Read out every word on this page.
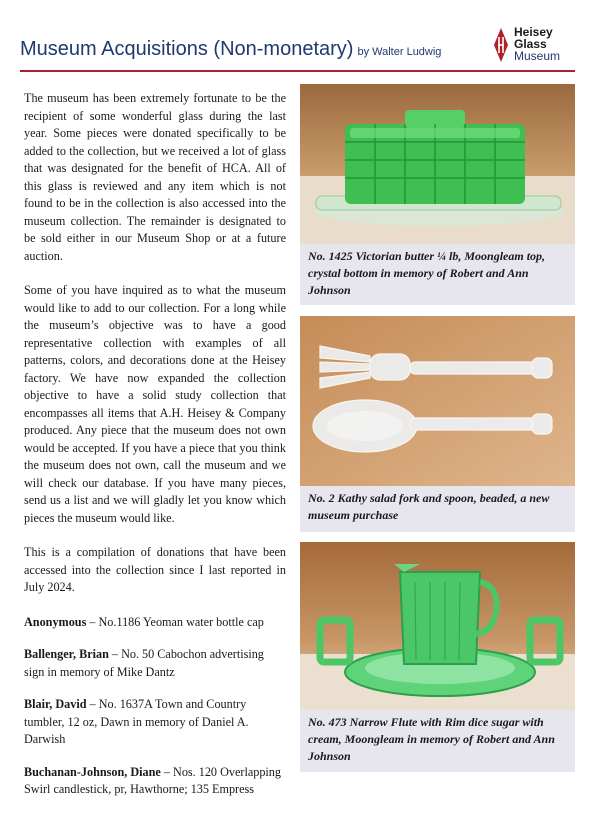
Museum Acquisitions (Non-monetary) by Walter Ludwig
Heisey
Glass
Museum

The museum has been extremely fortunate to be the recipient of some wonderful glass during the last year. Some pieces were donated specifically to be added to the collection, but we received a lot of glass that was designated for the benefit of HCA. All of this glass is reviewed and any item which is not found to be in the collection is also accessed into the museum collection. The remainder is designated to be sold either in our Museum Shop or at a future auction.

Some of you have inquired as to what the museum would like to add to our collection. For a long while the museum’s objective was to have a good representative collection with examples of all patterns, colors, and decorations done at the Heisey factory. We have now expanded the collection objective to have a solid study collection that encompasses all items that A.H. Heisey & Company produced. Any piece that the museum does not own would be accepted. If you have a piece that you think the museum does not own, call the museum and we will check our database. If you have many pieces, send us a list and we will gladly let you know which pieces the museum would like.

This is a compilation of donations that have been accessed into the collection since I last reported in July 2024.

Anonymous – No.1186 Yeoman water bottle cap

Ballenger, Brian – No. 50 Cabochon advertising sign in memory of Mike Dantz

Blair, David – No. 1637A Town and Country tumbler, 12 oz, Dawn in memory of Daniel A. Darwish

Buchanan-Johnson, Diane – Nos. 120 Overlapping Swirl candlestick, pr, Hawthorne; 135 Empress

No. 1425 Victorian butter ¼ lb, Moongleam top, crystal bottom in memory of Robert and Ann Johnson
No. 2 Kathy salad fork and spoon, beaded, a new museum purchase
No. 473 Narrow Flute with Rim dice sugar with cream, Moongleam in memory of Robert and Ann Johnson
